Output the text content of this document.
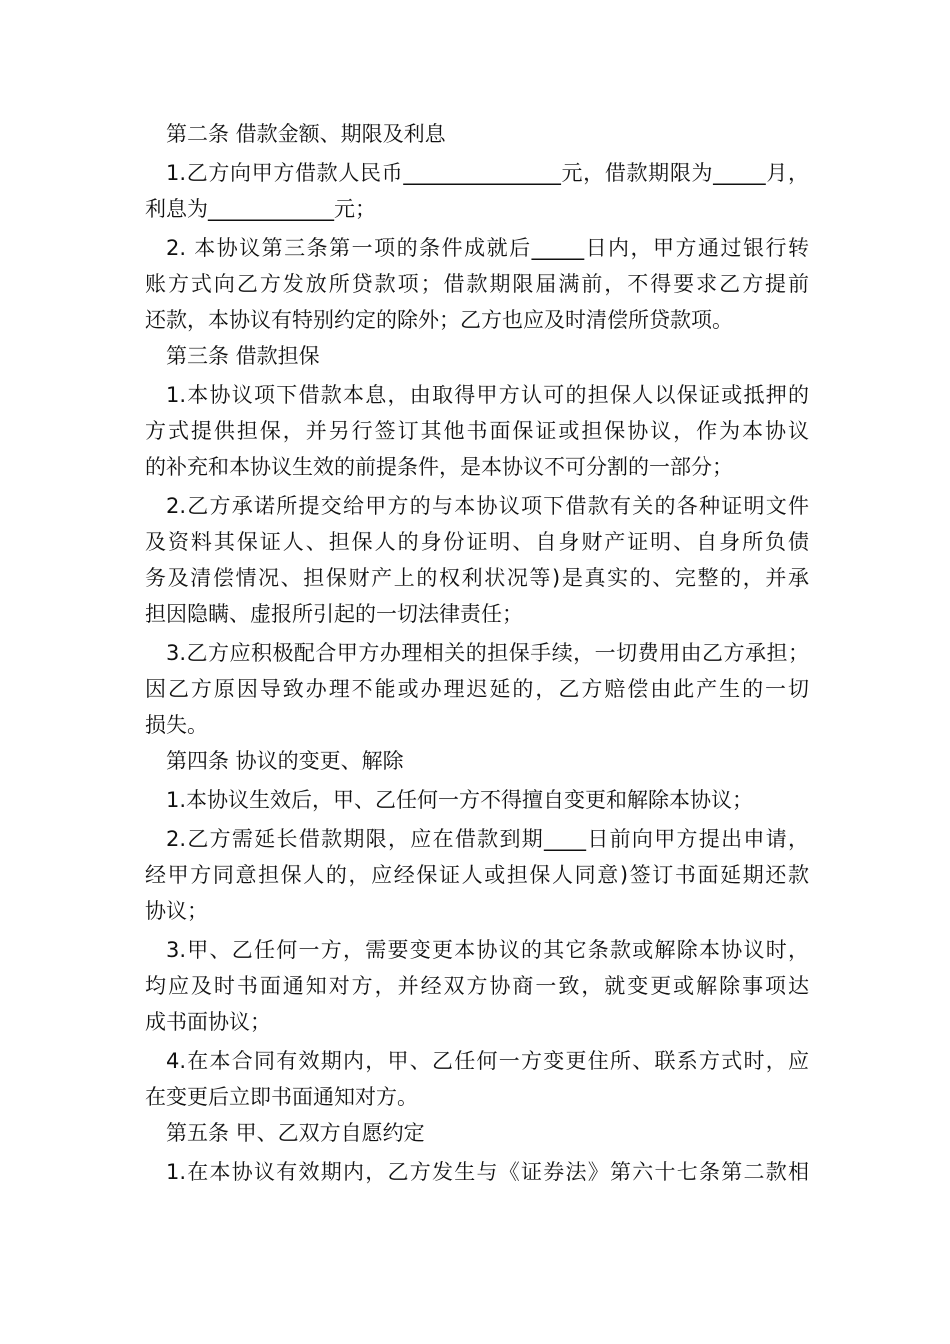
第二条 借款金额、期限及利息
1.乙方向甲方借款人民币_______________元，借款期限为_____月，
利息为____________元；
2. 本协议第三条第一项的条件成就后_____日内，甲方通过银行转
账方式向乙方发放所贷款项；借款期限届满前，不得要求乙方提前
还款，本协议有特别约定的除外；乙方也应及时清偿所贷款项。
第三条 借款担保
1.本协议项下借款本息，由取得甲方认可的担保人以保证或抵押的
方式提供担保，并另行签订其他书面保证或担保协议，作为本协议
的补充和本协议生效的前提条件，是本协议不可分割的一部分；
2.乙方承诺所提交给甲方的与本协议项下借款有关的各种证明文件
及资料其保证人、担保人的身份证明、自身财产证明、自身所负债
务及清偿情况、担保财产上的权利状况等)是真实的、完整的，并承
担因隐瞒、虚报所引起的一切法律责任；
3.乙方应积极配合甲方办理相关的担保手续，一切费用由乙方承担；
因乙方原因导致办理不能或办理迟延的，乙方赔偿由此产生的一切
损失。
第四条 协议的变更、解除
1.本协议生效后，甲、乙任何一方不得擅自变更和解除本协议；
2.乙方需延长借款期限，应在借款到期____日前向甲方提出申请，
经甲方同意担保人的，应经保证人或担保人同意)签订书面延期还款
协议；
3.甲、乙任何一方，需要变更本协议的其它条款或解除本协议时，
均应及时书面通知对方，并经双方协商一致，就变更或解除事项达
成书面协议；
4.在本合同有效期内，甲、乙任何一方变更住所、联系方式时，应
在变更后立即书面通知对方。
第五条 甲、乙双方自愿约定
1.在本协议有效期内，乙方发生与《证券法》第六十七条第二款相
